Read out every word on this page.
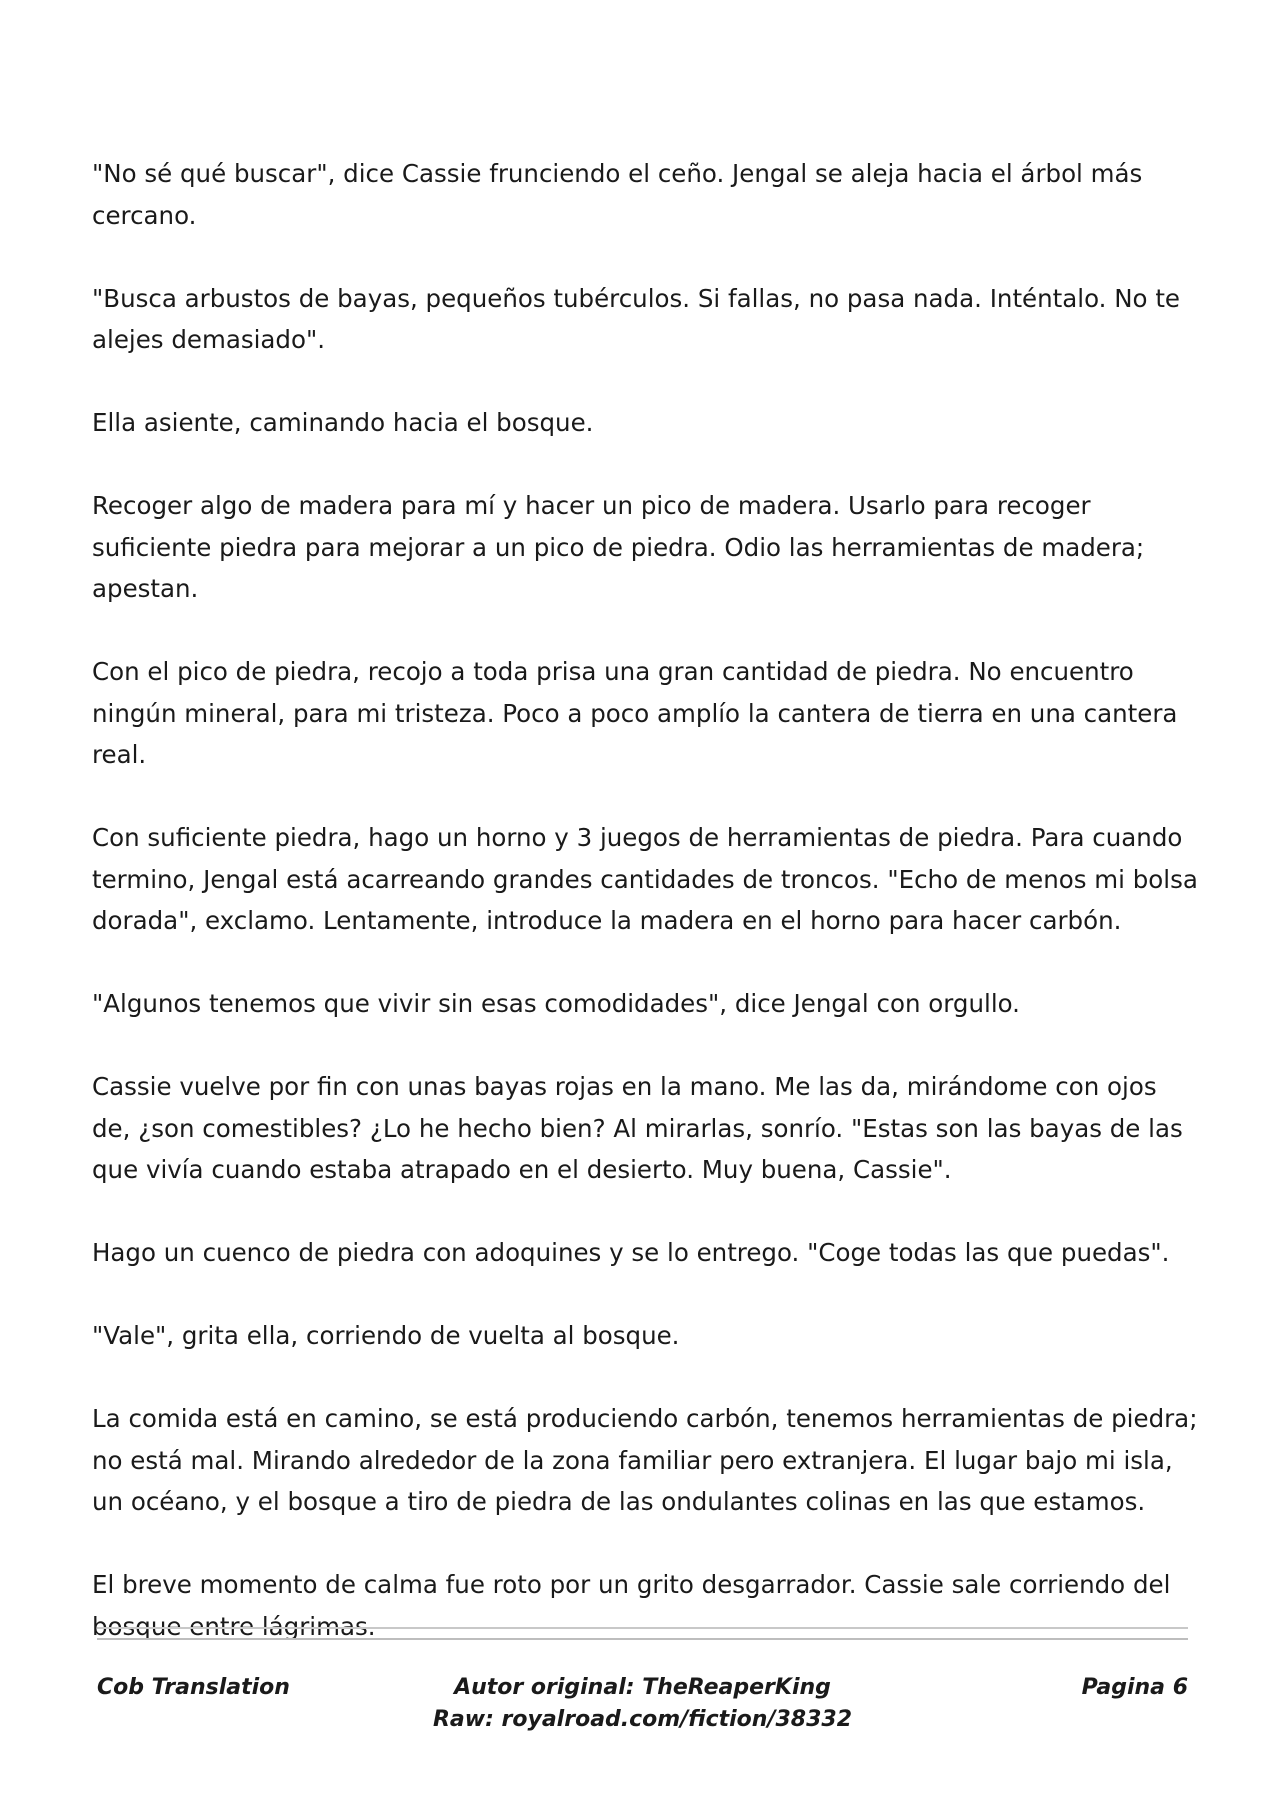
"No sé qué buscar", dice Cassie frunciendo el ceño. Jengal se aleja hacia el árbol más cercano.

"Busca arbustos de bayas, pequeños tubérculos. Si fallas, no pasa nada. Inténtalo. No te alejes demasiado".

Ella asiente, caminando hacia el bosque.

Recoger algo de madera para mí y hacer un pico de madera. Usarlo para recoger suficiente piedra para mejorar a un pico de piedra. Odio las herramientas de madera; apestan.

Con el pico de piedra, recojo a toda prisa una gran cantidad de piedra. No encuentro ningún mineral, para mi tristeza. Poco a poco amplío la cantera de tierra en una cantera real.

Con suficiente piedra, hago un horno y 3 juegos de herramientas de piedra. Para cuando termino, Jengal está acarreando grandes cantidades de troncos. "Echo de menos mi bolsa dorada", exclamo. Lentamente, introduce la madera en el horno para hacer carbón.

"Algunos tenemos que vivir sin esas comodidades", dice Jengal con orgullo.

Cassie vuelve por fin con unas bayas rojas en la mano. Me las da, mirándome con ojos de, ¿son comestibles? ¿Lo he hecho bien? Al mirarlas, sonrío. "Estas son las bayas de las que vivía cuando estaba atrapado en el desierto. Muy buena, Cassie".

Hago un cuenco de piedra con adoquines y se lo entrego. "Coge todas las que puedas".

"Vale", grita ella, corriendo de vuelta al bosque.

La comida está en camino, se está produciendo carbón, tenemos herramientas de piedra; no está mal. Mirando alrededor de la zona familiar pero extranjera. El lugar bajo mi isla, un océano, y el bosque a tiro de piedra de las ondulantes colinas en las que estamos.

El breve momento de calma fue roto por un grito desgarrador. Cassie sale corriendo del bosque entre lágrimas.

Autor original: TheReaperKing
Raw: royalroad.com/fiction/38332
Cob Translation	Pagina 6
